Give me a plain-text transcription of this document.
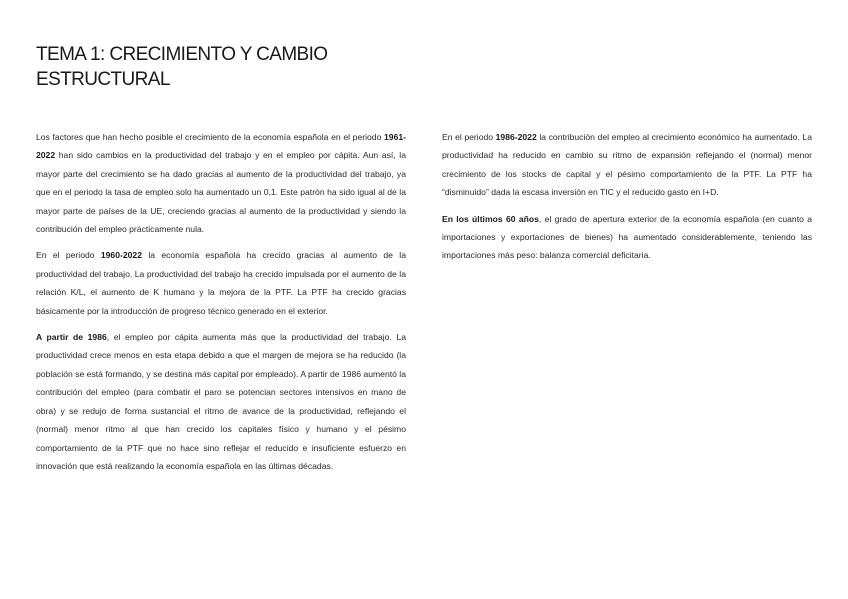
TEMA 1: CRECIMIENTO Y CAMBIO ESTRUCTURAL

Los factores que han hecho posible el crecimiento de la economía española en el periodo 1961-2022 han sido cambios en la productividad del trabajo y en el empleo por cápita. Aun así, la mayor parte del crecimiento se ha dado gracias al aumento de la productividad del trabajo, ya que en el periodo la tasa de empleo solo ha aumentado un 0,1. Este patrón ha sido igual al de la mayor parte de países de la UE, creciendo gracias al aumento de la productividad y siendo la contribución del empleo prácticamente nula.

En el periodo 1960-2022 la economía española ha crecido gracias al aumento de la productividad del trabajo. La productividad del trabajo ha crecido impulsada por el aumento de la relación K/L, el aumento de K humano y la mejora de la PTF. La PTF ha crecido gracias básicamente por la introducción de progreso técnico generado en el exterior.

A partir de 1986, el empleo por cápita aumenta más que la productividad del trabajo. La productividad crece menos en esta etapa debido a que el margen de mejora se ha reducido (la población se está formando, y se destina más capital por empleado). A partir de 1986 aumentó la contribución del empleo (para combatir el paro se potencian sectores intensivos en mano de obra) y se redujo de forma sustancial el ritmo de avance de la productividad, reflejando el (normal) menor ritmo al que han crecido los capitales físico y humano y el pésimo comportamiento de la PTF que no hace sino reflejar el reducido e insuficiente esfuerzo en innovación que está realizando la economía española en las últimas décadas.

En el periodo 1986-2022 la contribución del empleo al crecimiento económico ha aumentado. La productividad ha reducido en cambio su ritmo de expansión reflejando el (normal) menor crecimiento de los stocks de capital y el pésimo comportamiento de la PTF. La PTF ha “disminuido” dada la escasa inversión en TIC y el reducido gasto en I+D.

En los últimos 60 años, el grado de apertura exterior de la economía española (en cuanto a importaciones y exportaciones de bienes) ha aumentado considerablemente, teniendo las importaciones más peso: balanza comercial deficitaria.
